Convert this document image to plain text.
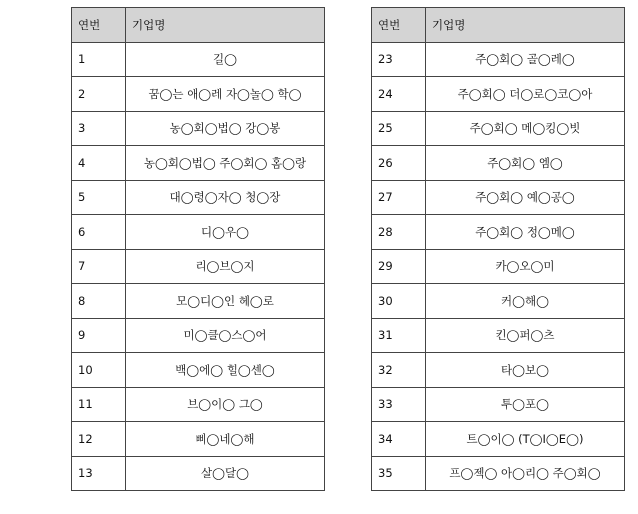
연번	기업명
1	길◯
2	꿈◯는 애◯레 자◯놀◯ 학◯
3	농◯회◯법◯ 강◯봉
4	농◯회◯법◯ 주◯회◯ 홈◯랑
5	대◯령◯자◯ 청◯장
6	디◯우◯
7	리◯브◯지
8	모◯디◯인 헤◯로
9	미◯클◯스◯어
10	백◯에◯ 힐◯센◯
11	브◯이◯ 그◯
12	삐◯네◯해
13	살◯달◯
연번	기업명
23	주◯회◯ 골◯레◯
24	주◯회◯ 더◯로◯코◯아
25	주◯회◯ 메◯킹◯빗
26	주◯회◯ 엠◯
27	주◯회◯ 예◯공◯
28	주◯회◯ 정◯메◯
29	카◯오◯미
30	커◯해◯
31	킨◯퍼◯츠
32	타◯보◯
33	투◯포◯
34	트◯이◯ (T◯I◯E◯)
35	프◯젝◯ 아◯리◯ 주◯회◯
